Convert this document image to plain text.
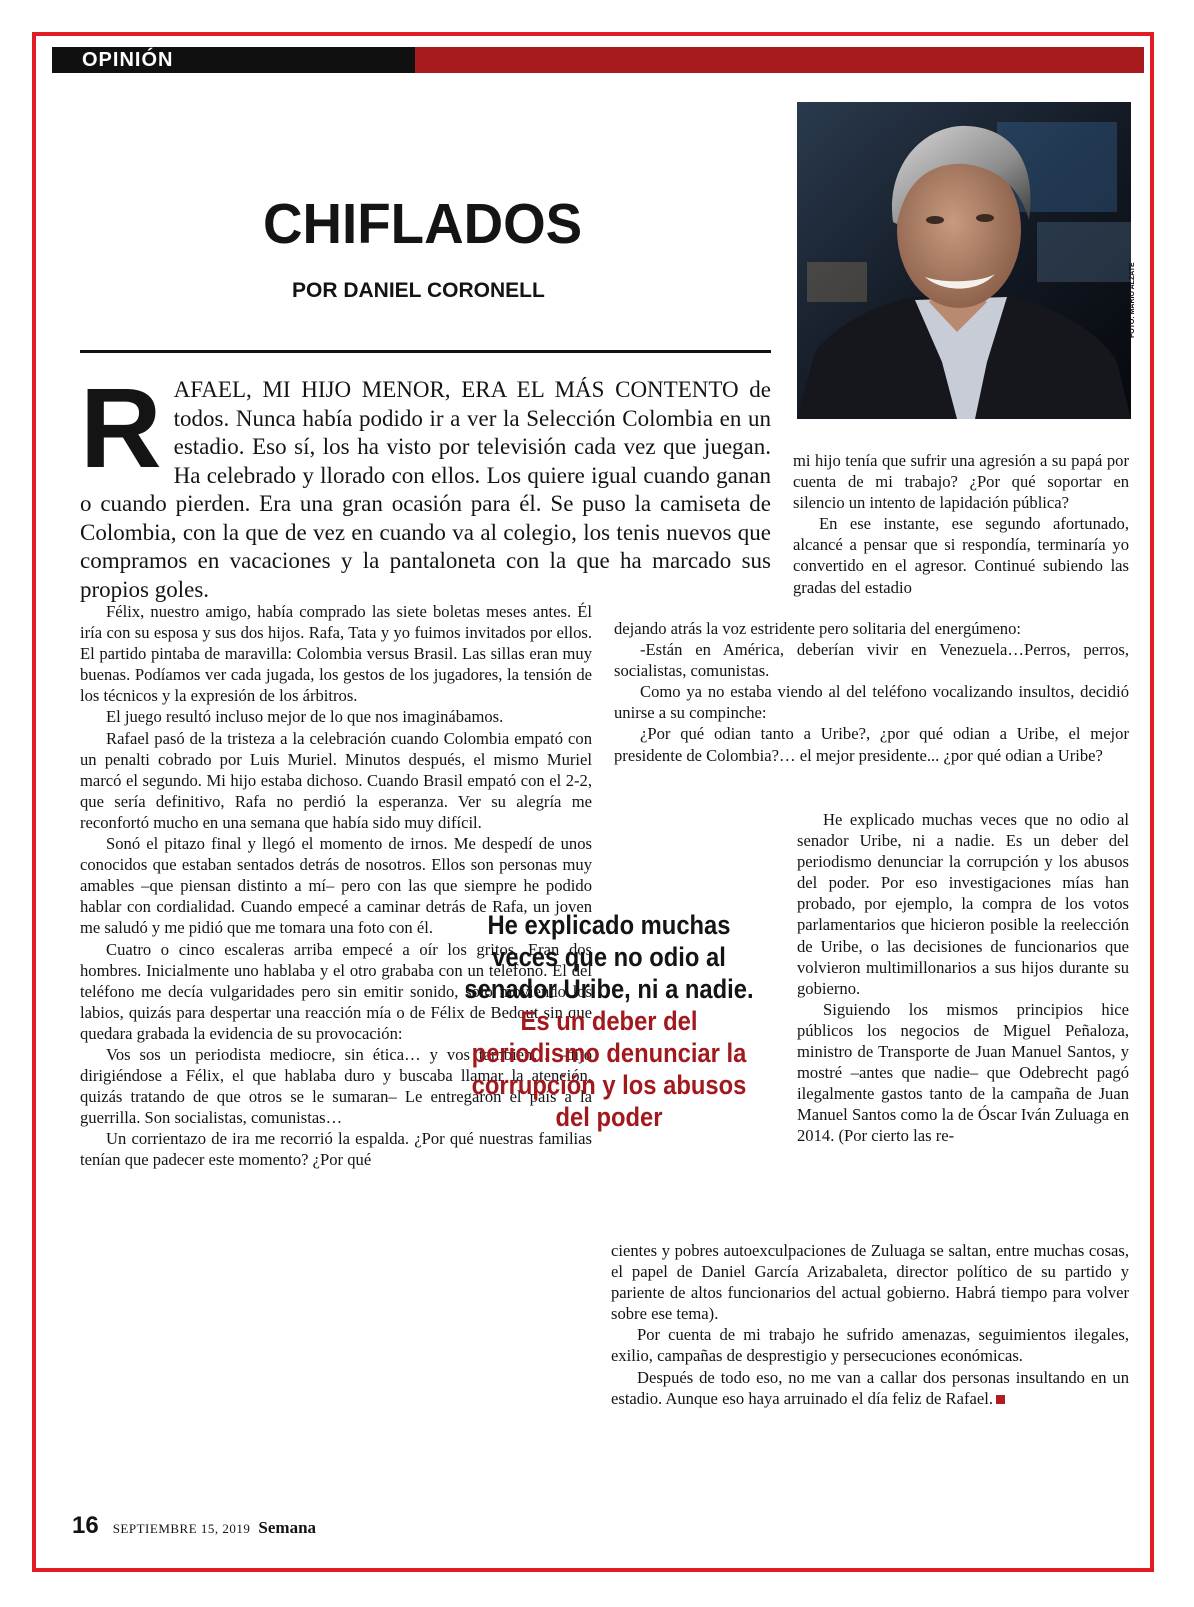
OPINIÓN
CHIFLADOS
POR DANIEL CORONELL	FOTO: MARIO ALZATE

RAFAEL, MI HIJO MENOR, ERA EL MÁS CONTENTO de todos. Nunca había podido ir a ver la Selección Colombia en un estadio. Eso sí, los ha visto por televisión cada vez que juegan. Ha celebrado y llorado con ellos. Los quiere igual cuando ganan o cuando pierden. Era una gran ocasión para él. Se puso la camiseta de Colombia, con la que de vez en cuando va al colegio, los tenis nuevos que compramos en vacaciones y la pantaloneta con la que ha marcado sus propios goles.

mi hijo tenía que sufrir una agresión a su papá por cuenta de mi trabajo? ¿Por qué soportar en silencio un intento de lapidación pública?

En ese instante, ese segundo afortunado, alcancé a pensar que si respondía, terminaría yo convertido en el agresor. Continué subiendo las gradas del estadio

Félix, nuestro amigo, había comprado las siete boletas meses antes. Él iría con su esposa y sus dos hijos. Rafa, Tata y yo fuimos invitados por ellos. El partido pintaba de maravilla: Colombia versus Brasil. Las sillas eran muy buenas. Podíamos ver cada jugada, los gestos de los jugadores, la tensión de los técnicos y la expresión de los árbitros.

El juego resultó incluso mejor de lo que nos imaginábamos.

Rafael pasó de la tristeza a la celebración cuando Colombia empató con un penalti cobrado por Luis Muriel. Minutos después, el mismo Muriel marcó el segundo. Mi hijo estaba dichoso. Cuando Brasil empató con el 2-2, que sería definitivo, Rafa no perdió la esperanza. Ver su alegría me reconfortó mucho en una semana que había sido muy difícil.

Sonó el pitazo final y llegó el momento de irnos. Me despedí de unos conocidos que estaban sentados detrás de nosotros. Ellos son personas muy amables –que piensan distinto a mí– pero con las que siempre he podido hablar con cordialidad. Cuando empecé a caminar detrás de Rafa, un joven me saludó y me pidió que me tomara una foto con él.

Cuatro o cinco escaleras arriba empecé a oír los gritos. Eran dos hombres. Inicialmente uno hablaba y el otro grababa con un teléfono. El del teléfono me decía vulgaridades pero sin emitir sonido, solo moviendo los labios, quizás para despertar una reacción mía o de Félix de Bedout sin que quedara grabada la evidencia de su provocación:

Vos sos un periodista mediocre, sin ética… y vos también… –dijo dirigiéndose a Félix, el que hablaba duro y buscaba llamar la atención, quizás tratando de que otros se le sumaran– Le entregaron el país a la guerrilla. Son socialistas, comunistas…

Un corrientazo de ira me recorrió la espalda. ¿Por qué nuestras familias tenían que padecer este momento? ¿Por qué

dejando atrás la voz estridente pero solitaria del energúmeno:

-Están en América, deberían vivir en Venezuela…Perros, perros, socialistas, comunistas.

Como ya no estaba viendo al del teléfono vocalizando insultos, decidió unirse a su compinche:

¿Por qué odian tanto a Uribe?, ¿por qué odian a Uribe, el mejor presidente de Colombia?… el mejor presidente... ¿por qué odian a Uribe?

He explicado muchas veces que no odio al senador Uribe, ni a nadie. Es un deber del periodismo denunciar la corrupción y los abusos del poder. Por eso investigaciones mías han probado, por ejemplo, la compra de los votos parlamentarios que hicieron posible la reelección de Uribe, o las decisiones de funcionarios que volvieron multimillonarios a sus hijos durante su gobierno.

Siguiendo los mismos principios hice públicos los negocios de Miguel Peñaloza, ministro de Transporte de Juan Manuel Santos, y mostré –antes que nadie– que Odebrecht pagó ilegalmente gastos tanto de la campaña de Juan Manuel Santos como la de Óscar Iván Zuluaga en 2014. (Por cierto las re-

cientes y pobres autoexculpaciones de Zuluaga se saltan, entre muchas cosas, el papel de Daniel García Arizabaleta, director político de su partido y pariente de altos funcionarios del actual gobierno. Habrá tiempo para volver sobre ese tema).

Por cuenta de mi trabajo he sufrido amenazas, seguimientos ilegales, exilio, campañas de desprestigio y persecuciones económicas.

Después de todo eso, no me van a callar dos personas insultando en un estadio. Aunque eso haya arruinado el día feliz de Rafael.

He explicado muchas veces que no odio al senador Uribe, ni a nadie. Es un deber del periodismo denunciar la corrupción y los abusos del poder
16 SEPTIEMBRE 15, 2019 Semana
